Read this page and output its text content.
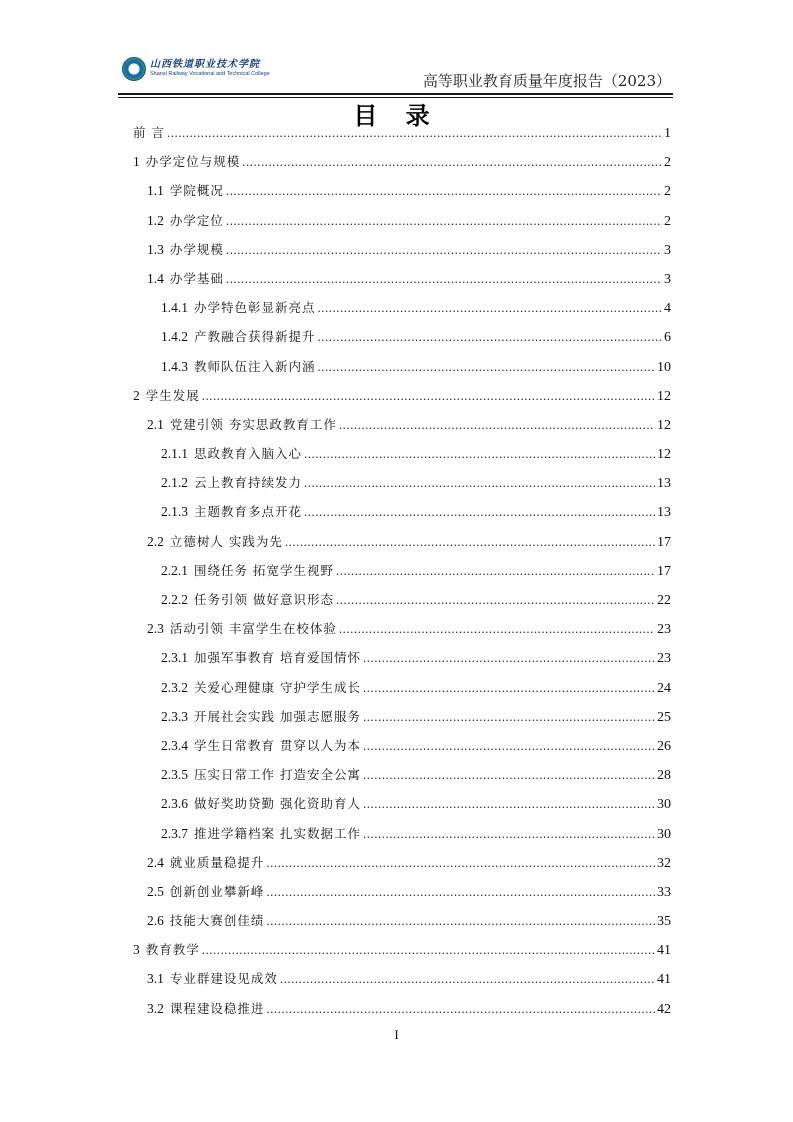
山西铁道职业技术学院
Shanxi Railway Vocational and Technical College	高等职业教育质量年度报告（2023）
目 录
前 言 .....	1
1 办学定位与规模 .....	2
1.1 学院概况 .....	2
1.2 办学定位 .....	2
1.3 办学规模 .....	3
1.4 办学基础 .....	3
1.4.1 办学特色彰显新亮点 .....	4
1.4.2 产教融合获得新提升 .....	6
1.4.3 教师队伍注入新内涵 .....	10
2 学生发展 .....	12
2.1 党建引领 夯实思政教育工作 .....	12
2.1.1 思政教育入脑入心 .....	12
2.1.2 云上教育持续发力 .....	13
2.1.3 主题教育多点开花 .....	13
2.2 立德树人 实践为先 .....	17
2.2.1 围绕任务 拓宽学生视野 .....	17
2.2.2 任务引领 做好意识形态 .....	22
2.3 活动引领 丰富学生在校体验 .....	23
2.3.1 加强军事教育 培育爱国情怀 .....	23
2.3.2 关爱心理健康 守护学生成长 .....	24
2.3.3 开展社会实践 加强志愿服务 .....	25
2.3.4 学生日常教育 贯穿以人为本 .....	26
2.3.5 压实日常工作 打造安全公寓 .....	28
2.3.6 做好奖助贷勤 强化资助育人 .....	30
2.3.7 推进学籍档案 扎实数据工作 .....	30
2.4 就业质量稳提升 .....	32
2.5 创新创业攀新峰 .....	33
2.6 技能大赛创佳绩 .....	35
3 教育教学 .....	41
3.1 专业群建设见成效 .....	41
3.2 课程建设稳推进 .....	42
I
